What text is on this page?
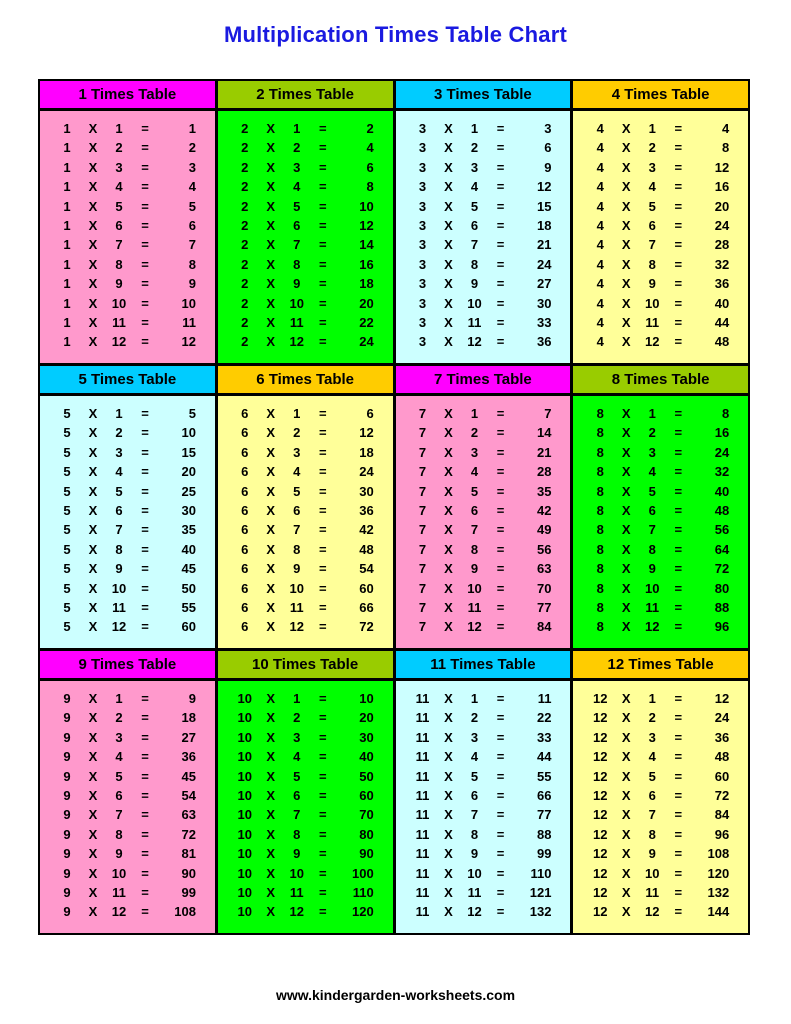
Multiplication Times Table Chart
1 Times Table
1	X	1	=	1
1	X	2	=	2
1	X	3	=	3
1	X	4	=	4
1	X	5	=	5
1	X	6	=	6
1	X	7	=	7
1	X	8	=	8
1	X	9	=	9
1	X	10	=	10
1	X	11	=	11
1	X	12	=	12
2 Times Table
2	X	1	=	2
2	X	2	=	4
2	X	3	=	6
2	X	4	=	8
2	X	5	=	10
2	X	6	=	12
2	X	7	=	14
2	X	8	=	16
2	X	9	=	18
2	X	10	=	20
2	X	11	=	22
2	X	12	=	24
3 Times Table
3	X	1	=	3
3	X	2	=	6
3	X	3	=	9
3	X	4	=	12
3	X	5	=	15
3	X	6	=	18
3	X	7	=	21
3	X	8	=	24
3	X	9	=	27
3	X	10	=	30
3	X	11	=	33
3	X	12	=	36
4 Times Table
4	X	1	=	4
4	X	2	=	8
4	X	3	=	12
4	X	4	=	16
4	X	5	=	20
4	X	6	=	24
4	X	7	=	28
4	X	8	=	32
4	X	9	=	36
4	X	10	=	40
4	X	11	=	44
4	X	12	=	48
5 Times Table
5	X	1	=	5
5	X	2	=	10
5	X	3	=	15
5	X	4	=	20
5	X	5	=	25
5	X	6	=	30
5	X	7	=	35
5	X	8	=	40
5	X	9	=	45
5	X	10	=	50
5	X	11	=	55
5	X	12	=	60
6 Times Table
6	X	1	=	6
6	X	2	=	12
6	X	3	=	18
6	X	4	=	24
6	X	5	=	30
6	X	6	=	36
6	X	7	=	42
6	X	8	=	48
6	X	9	=	54
6	X	10	=	60
6	X	11	=	66
6	X	12	=	72
7 Times Table
7	X	1	=	7
7	X	2	=	14
7	X	3	=	21
7	X	4	=	28
7	X	5	=	35
7	X	6	=	42
7	X	7	=	49
7	X	8	=	56
7	X	9	=	63
7	X	10	=	70
7	X	11	=	77
7	X	12	=	84
8 Times Table
8	X	1	=	8
8	X	2	=	16
8	X	3	=	24
8	X	4	=	32
8	X	5	=	40
8	X	6	=	48
8	X	7	=	56
8	X	8	=	64
8	X	9	=	72
8	X	10	=	80
8	X	11	=	88
8	X	12	=	96
9 Times Table
9	X	1	=	9
9	X	2	=	18
9	X	3	=	27
9	X	4	=	36
9	X	5	=	45
9	X	6	=	54
9	X	7	=	63
9	X	8	=	72
9	X	9	=	81
9	X	10	=	90
9	X	11	=	99
9	X	12	=	108
10 Times Table
10	X	1	=	10
10	X	2	=	20
10	X	3	=	30
10	X	4	=	40
10	X	5	=	50
10	X	6	=	60
10	X	7	=	70
10	X	8	=	80
10	X	9	=	90
10	X	10	=	100
10	X	11	=	110
10	X	12	=	120
11 Times Table
11	X	1	=	11
11	X	2	=	22
11	X	3	=	33
11	X	4	=	44
11	X	5	=	55
11	X	6	=	66
11	X	7	=	77
11	X	8	=	88
11	X	9	=	99
11	X	10	=	110
11	X	11	=	121
11	X	12	=	132
12 Times Table
12	X	1	=	12
12	X	2	=	24
12	X	3	=	36
12	X	4	=	48
12	X	5	=	60
12	X	6	=	72
12	X	7	=	84
12	X	8	=	96
12	X	9	=	108
12	X	10	=	120
12	X	11	=	132
12	X	12	=	144
www.kindergarden-worksheets.com
